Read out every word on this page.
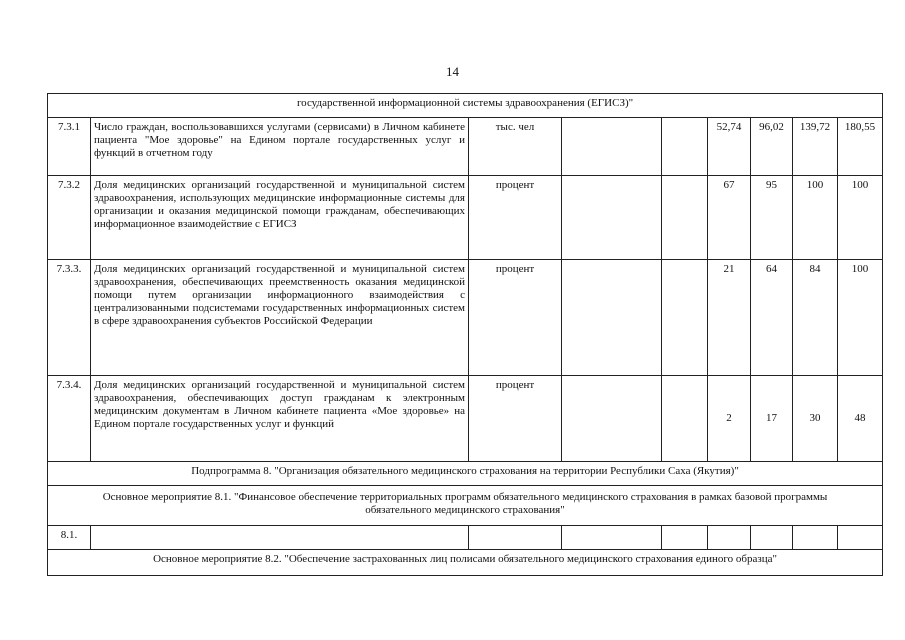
14
государственной информационной системы здравоохранения (ЕГИСЗ)"								
7.3.1	Число граждан, воспользовавшихся услугами (сервисами) в Личном кабинете пациента "Мое здоровье" на Едином портале государственных услуг и функций в отчетном году	тыс. чел			52,74	96,02	139,72	180,55
7.3.2	Доля медицинских организаций государственной и муниципальной систем здравоохранения, использующих медицинские информационные системы для организации и оказания медицинской помощи гражданам, обеспечивающих информационное взаимодействие с ЕГИСЗ	процент			67	95	100	100
7.3.3.	Доля медицинских организаций государственной и муниципальной систем здравоохранения, обеспечивающих преемственность оказания медицинской помощи путем организации информационного взаимодействия с централизованными подсистемами государственных информационных систем в сфере здравоохранения субъектов Российской Федерации	процент			21	64	84	100
7.3.4.	Доля медицинских организаций государственной и муниципальной систем здравоохранения, обеспечивающих доступ гражданам к электронным медицинским документам в Личном кабинете пациента «Мое здоровье» на Едином портале государственных услуг и функций	процент			2	17	30	48
Подпрограмма 8. "Организация обязательного медицинского страхования на территории Республики Саха (Якутия)"								
Основное мероприятие 8.1. "Финансовое обеспечение территориальных программ обязательного медицинского страхования в рамках базовой программы обязательного медицинского страхования"								
8.1.								
Основное мероприятие 8.2. "Обеспечение застрахованных лиц полисами обязательного медицинского страхования единого образца"								
